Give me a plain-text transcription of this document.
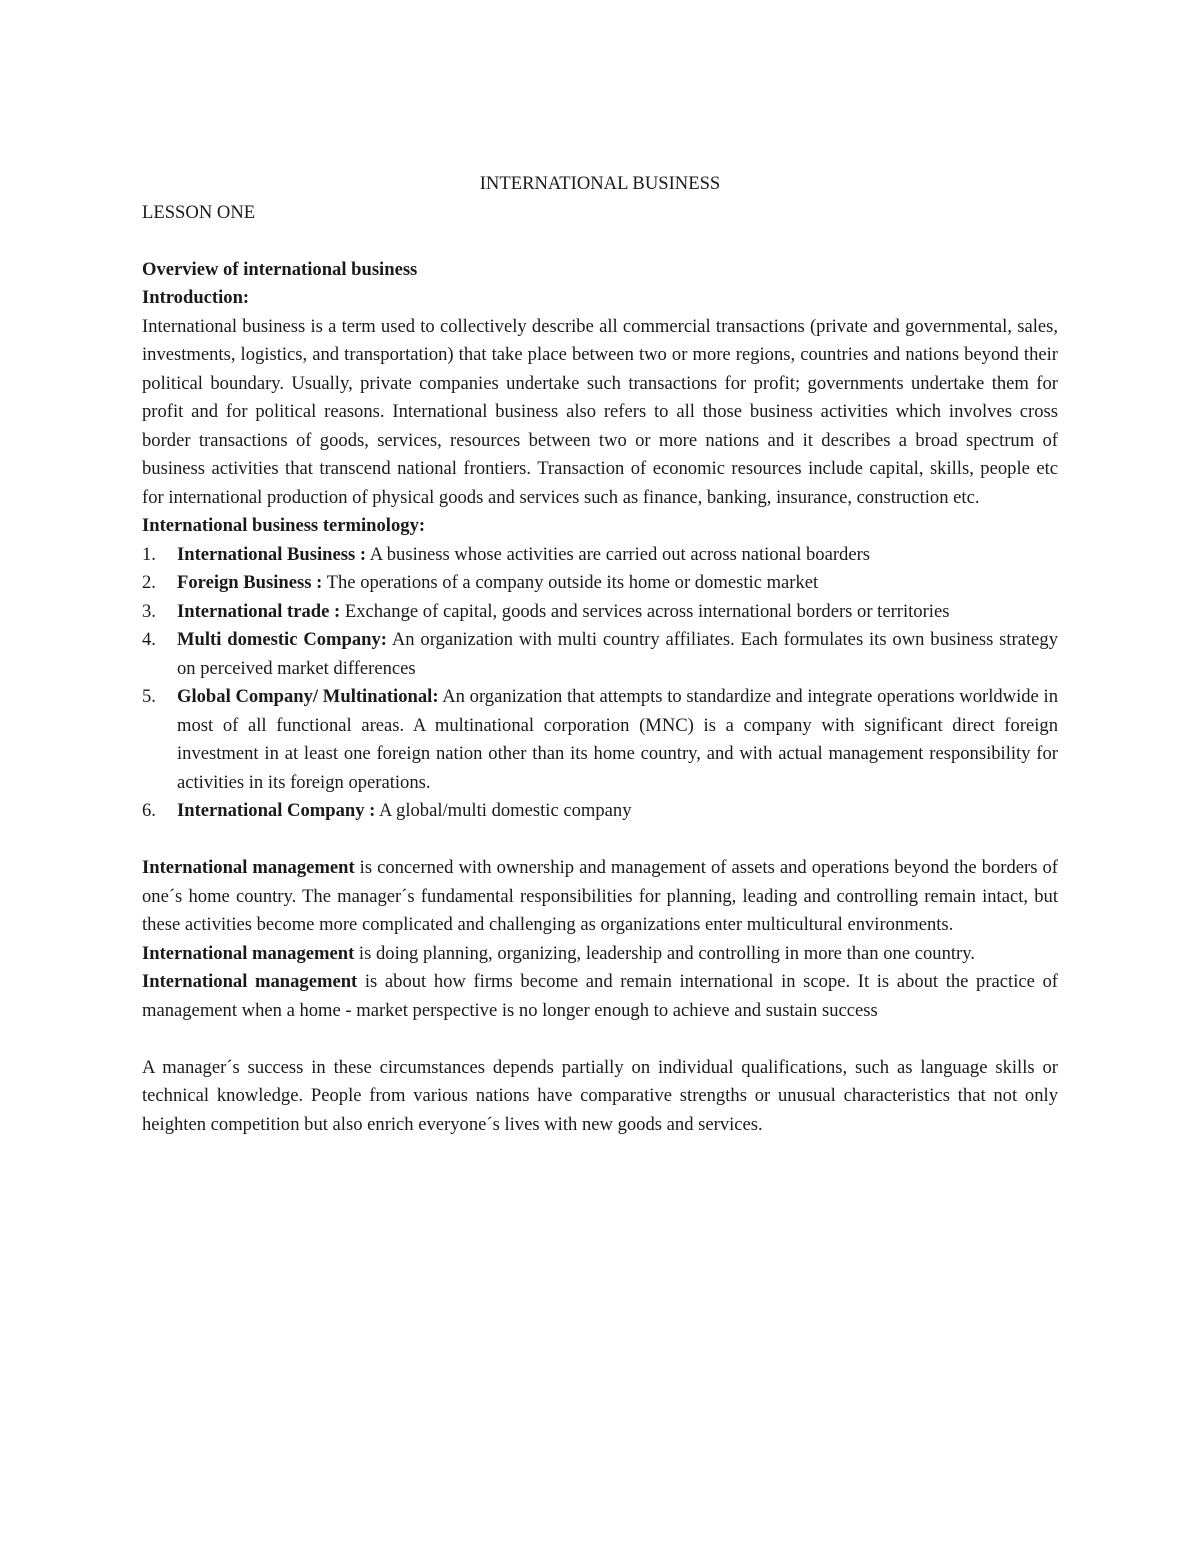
INTERNATIONAL BUSINESS
LESSON ONE
Overview of international business
Introduction:

International business is a term used to collectively describe all commercial transactions (private and governmental, sales, investments, logistics, and transportation) that take place between two or more regions, countries and nations beyond their political boundary. Usually, private companies undertake such transactions for profit; governments undertake them for profit and for political reasons. International business also refers to all those business activities which involves cross border transactions of goods, services, resources between two or more nations and it describes a broad spectrum of business activities that transcend national frontiers. Transaction of economic resources include capital, skills, people etc for international production of physical goods and services such as finance, banking, insurance, construction etc.

International business terminology:
1. International Business : A business whose activities are carried out across national boarders
2. Foreign Business : The operations of a company outside its home or domestic market
3. International trade : Exchange of capital, goods and services across international borders or territories
4. Multi domestic Company: An organization with multi country affiliates. Each formulates its own business strategy on perceived market differences
5. Global Company/ Multinational: An organization that attempts to standardize and integrate operations worldwide in most of all functional areas. A multinational corporation (MNC) is a company with significant direct foreign investment in at least one foreign nation other than its home country, and with actual management responsibility for activities in its foreign operations.
6. International Company : A global/multi domestic company

International management is concerned with ownership and management of assets and operations beyond the borders of one´s home country. The manager´s fundamental responsibilities for planning, leading and controlling remain intact, but these activities become more complicated and challenging as organizations enter multicultural environments.

International management is doing planning, organizing, leadership and controlling in more than one country.

International management is about how firms become and remain international in scope. It is about the practice of management when a home - market perspective is no longer enough to achieve and sustain success

A manager´s success in these circumstances depends partially on individual qualifications, such as language skills or technical knowledge. People from various nations have comparative strengths or unusual characteristics that not only heighten competition but also enrich everyone´s lives with new goods and services.
